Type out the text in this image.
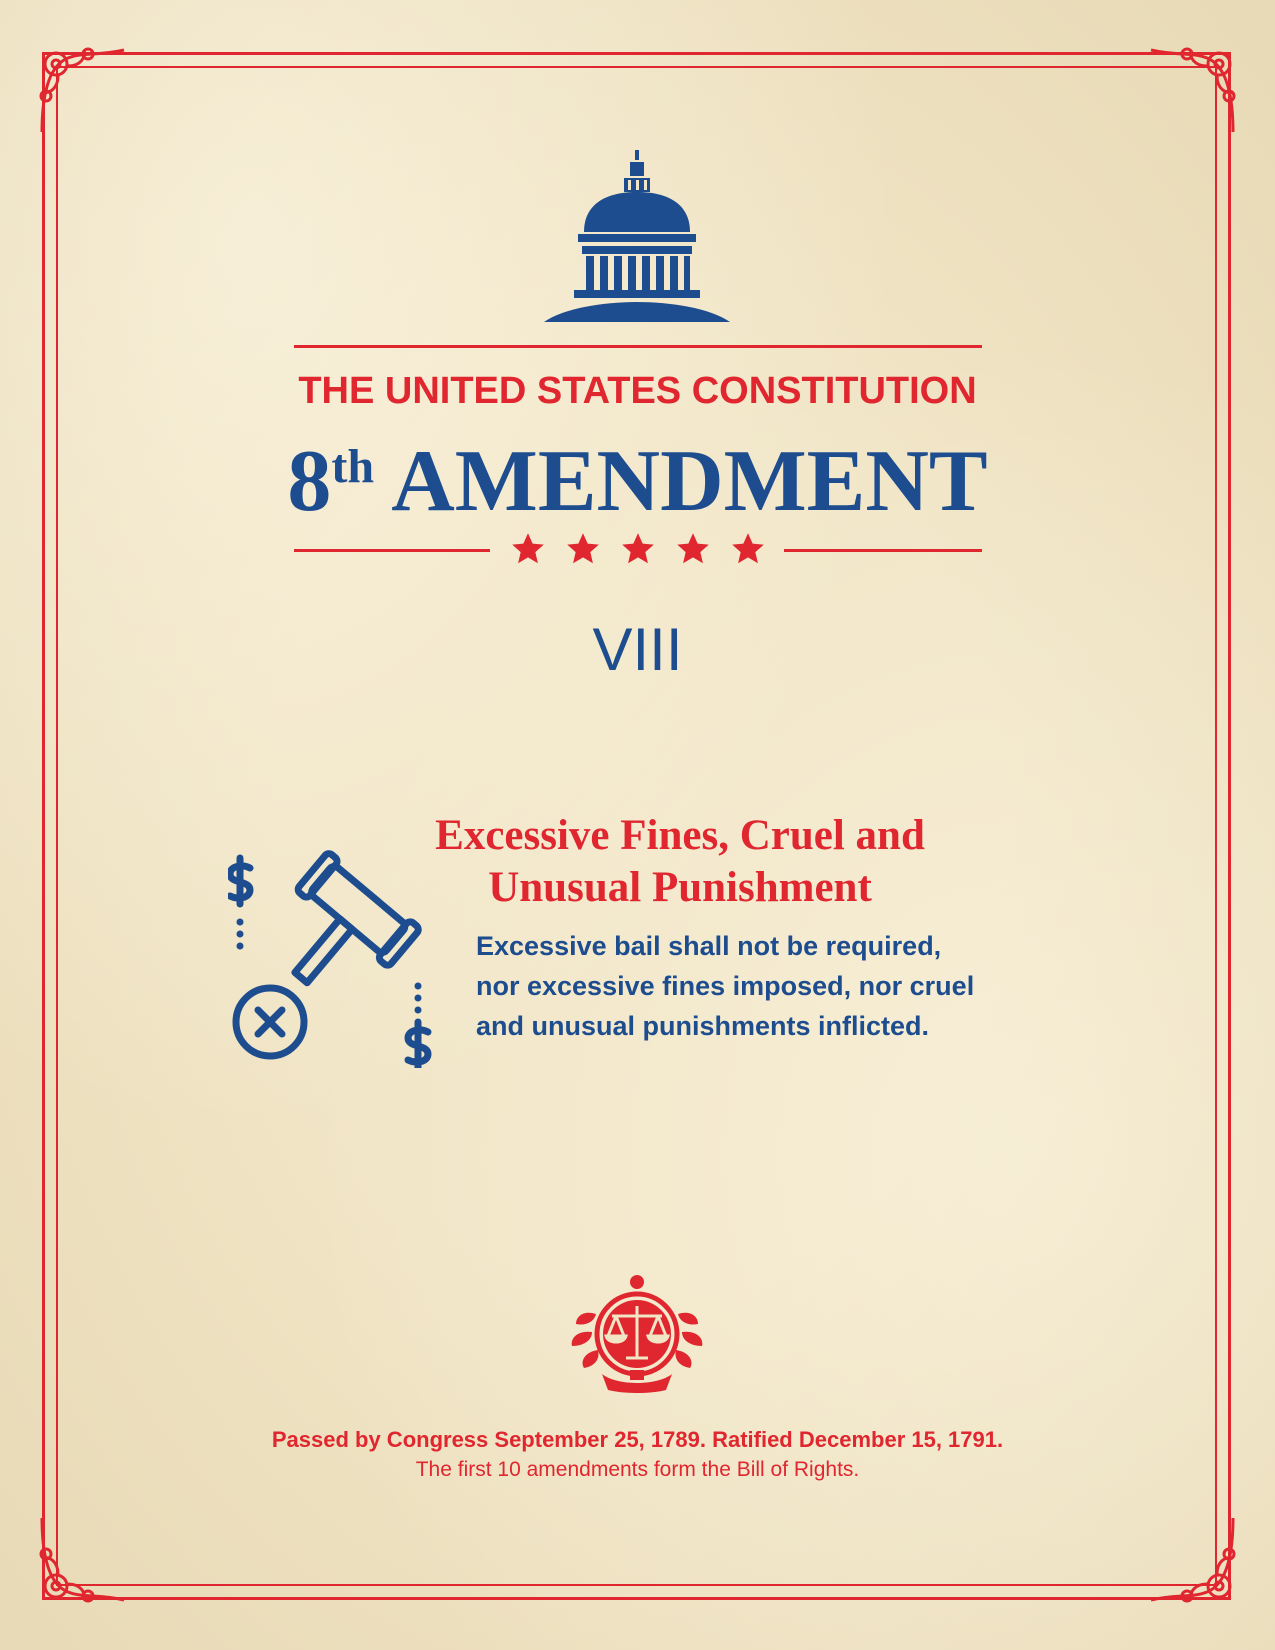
THE UNITED STATES CONSTITUTION
8th AMENDMENT
VIII
Excessive Fines, Cruel and
Unusual Punishment
Excessive bail shall not be required,
nor excessive fines imposed, nor cruel
and unusual punishments inflicted.
Passed by Congress September 25, 1789. Ratified December 15, 1791.
The first 10 amendments form the Bill of Rights.
